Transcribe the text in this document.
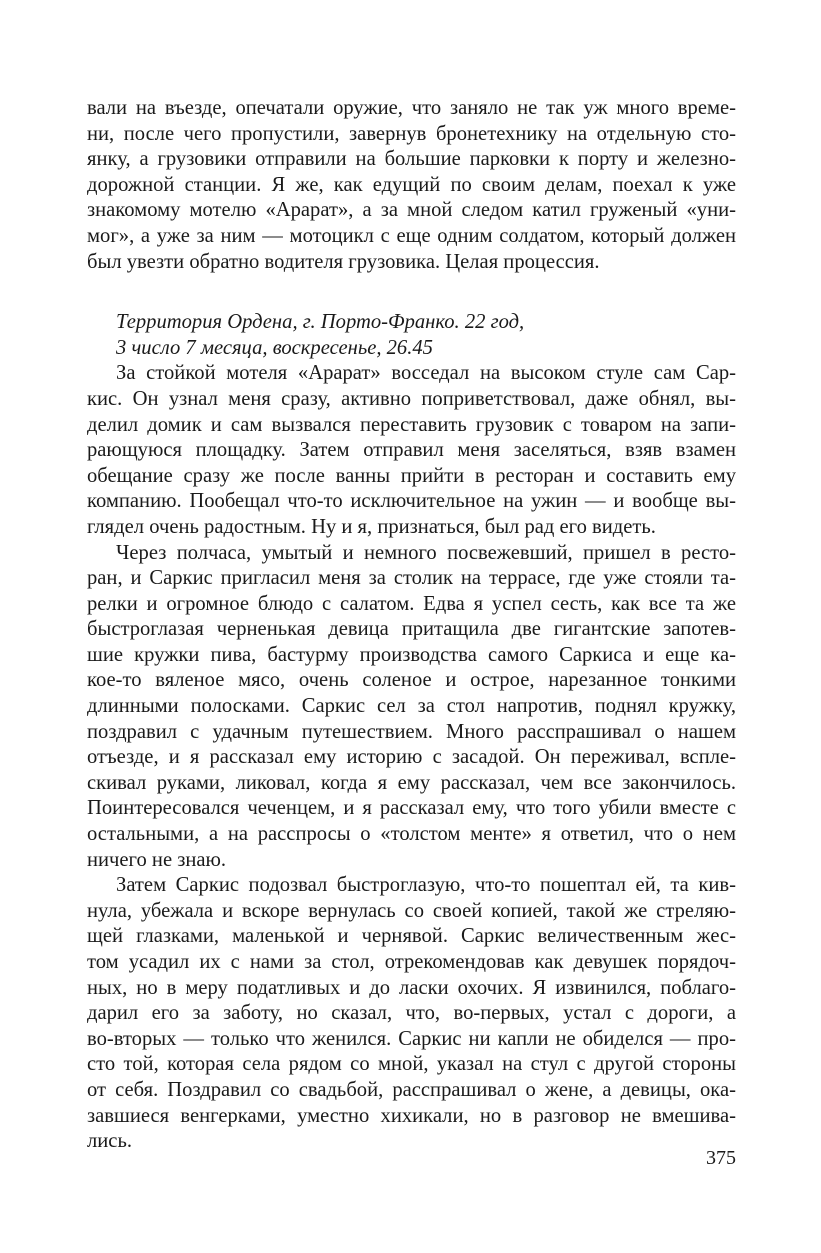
вали на въезде, опечатали оружие, что заняло не так уж много време-
ни, после чего пропустили, завернув бронетехнику на отдельную сто-
янку, а грузовики отправили на большие парковки к порту и железно-
дорожной станции. Я же, как едущий по своим делам, поехал к уже
знакомому мотелю «Арарат», а за мной следом катил груженый «уни-
мог», а уже за ним — мотоцикл с еще одним солдатом, который должен
был увезти обратно водителя грузовика. Целая процессия.
Территория Ордена, г. Порто-Франко. 22 год,
3 число 7 месяца, воскресенье, 26.45
За стойкой мотеля «Арарат» восседал на высоком стуле сам Сар-
кис. Он узнал меня сразу, активно поприветствовал, даже обнял, вы-
делил домик и сам вызвался переставить грузовик с товаром на запи-
рающуюся площадку. Затем отправил меня заселяться, взяв взамен
обещание сразу же после ванны прийти в ресторан и составить ему
компанию. Пообещал что-то исключительное на ужин — и вообще вы-
глядел очень радостным. Ну и я, признаться, был рад его видеть.
Через полчаса, умытый и немного посвежевший, пришел в ресто-
ран, и Саркис пригласил меня за столик на террасе, где уже стояли та-
релки и огромное блюдо с салатом. Едва я успел сесть, как все та же
быстроглазая черненькая девица притащила две гигантские запотев-
шие кружки пива, бастурму производства самого Саркиса и еще ка-
кое-то вяленое мясо, очень соленое и острое, нарезанное тонкими
длинными полосками. Саркис сел за стол напротив, поднял кружку,
поздравил с удачным путешествием. Много расспрашивал о нашем
отъезде, и я рассказал ему историю с засадой. Он переживал, вспле-
скивал руками, ликовал, когда я ему рассказал, чем все закончилось.
Поинтересовался чеченцем, и я рассказал ему, что того убили вместе с
остальными, а на расспросы о «толстом менте» я ответил, что о нем
ничего не знаю.
Затем Саркис подозвал быстроглазую, что-то пошептал ей, та кив-
нула, убежала и вскоре вернулась со своей копией, такой же стреляю-
щей глазками, маленькой и чернявой. Саркис величественным жес-
том усадил их с нами за стол, отрекомендовав как девушек порядоч-
ных, но в меру податливых и до ласки охочих. Я извинился, поблаго-
дарил его за заботу, но сказал, что, во-первых, устал с дороги, а
во-вторых — только что женился. Саркис ни капли не обиделся — про-
сто той, которая села рядом со мной, указал на стул с другой стороны
от себя. Поздравил со свадьбой, расспрашивал о жене, а девицы, ока-
завшиеся венгерками, уместно хихикали, но в разговор не вмешива-
лись.
375
